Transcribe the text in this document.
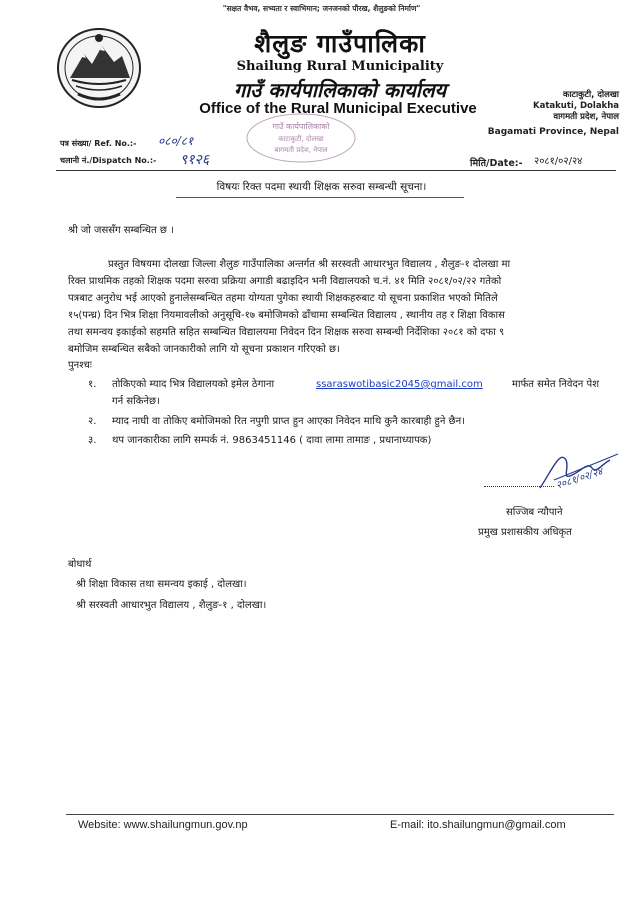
"सक्षत वैभव, सभ्यता र स्वाभिमान; जनजनको पौरख, शैलुङको निर्माण"
शैलुङ गाउँपालिका
Shailung Rural Municipality
गाउँ कार्यपालिकाको कार्यालय
Office of the Rural Municipal Executive
काटाकुटी, दोलखा
Katakuti, Dolakha
वागमती प्रदेश, नेपाल
Bagamati Province, Nepal
गाउँ कार्यपालिकाको
काटाकुटी, दोलखा
बागमती प्रदेश, नेपाल
पत्र संख्या/ Ref. No.:- ०८०/८१
चलानी नं./Dispatch No.:- ९१२६	मिति/Date:- २०८१/०२/२४
विषयः रिक्त पदमा स्थायी शिक्षक सरुवा सम्बन्धी सूचना।
श्री जो जससँग सम्बन्धित छ ।
प्रस्तुत विषयमा दोलखा जिल्ला शैलुङ गाउँपालिका अन्तर्गत श्री सरस्वती आधारभुत विद्यालय , शैलुङ-१ दोलखा मा
रिक्त प्राथमिक तहको शिक्षक पदमा सरुवा प्रक्रिया अगाडी बढाइदिन भनी विद्यालयको च.नं. ४१ मिति २०८१/०२/२२ गतेको
पत्रबाट अनुरोध भई आएको हुनालेसम्बन्धित तहमा योग्यता पुगेका स्थायी शिक्षकहरुबाट यो सूचना प्रकाशित भएको मितिले
१५(पन्ध्र) दिन भित्र शिक्षा नियमावलीको अनुसूचि-१७ बमोजिमको ढाँचामा सम्बन्धित विद्यालय , स्थानीय तह र शिक्षा विकास
तथा समन्वय इकाईको सहमति सहित सम्बन्धित विद्यालयमा निवेदन दिन शिक्षक सरुवा सम्बन्धी निर्देशिका २०८१ को दफा ९
बमोजिम सम्बन्धित सबैको जानकारीको लागि यो सूचना प्रकाशन गरिएको छ।
पुनश्चः
१. तोकिएको म्याद भित्र विद्यालयको इमेल ठेगाना	ssaraswotibasic2045@gmail.com	मार्फत समेत निवेदन पेश
गर्न सकिनेछ।
२. म्याद नाघी वा तोकिए बमोजिमको रित नपुगी प्राप्त हुन आएका निवेदन माथि कुनै कारबाही हुने छैन।
३. थप जानकारीका लागि सम्पर्क नं. 9863451146 ( दावा लामा तामाङ , प्रधानाध्यापक)
२०८१/०२/२४
सज्जिब न्यौपाने
प्रमुख प्रशासकीय अधिकृत
बोधार्थ
श्री शिक्षा विकास तथा समन्वय इकाई , दोलखा।
श्री सरस्वती आधारभुत विद्यालय , शैलुङ-१ , दोलखा।
Website: www.shailungmun.gov.np	E-mail: ito.shailungmun@gmail.com
